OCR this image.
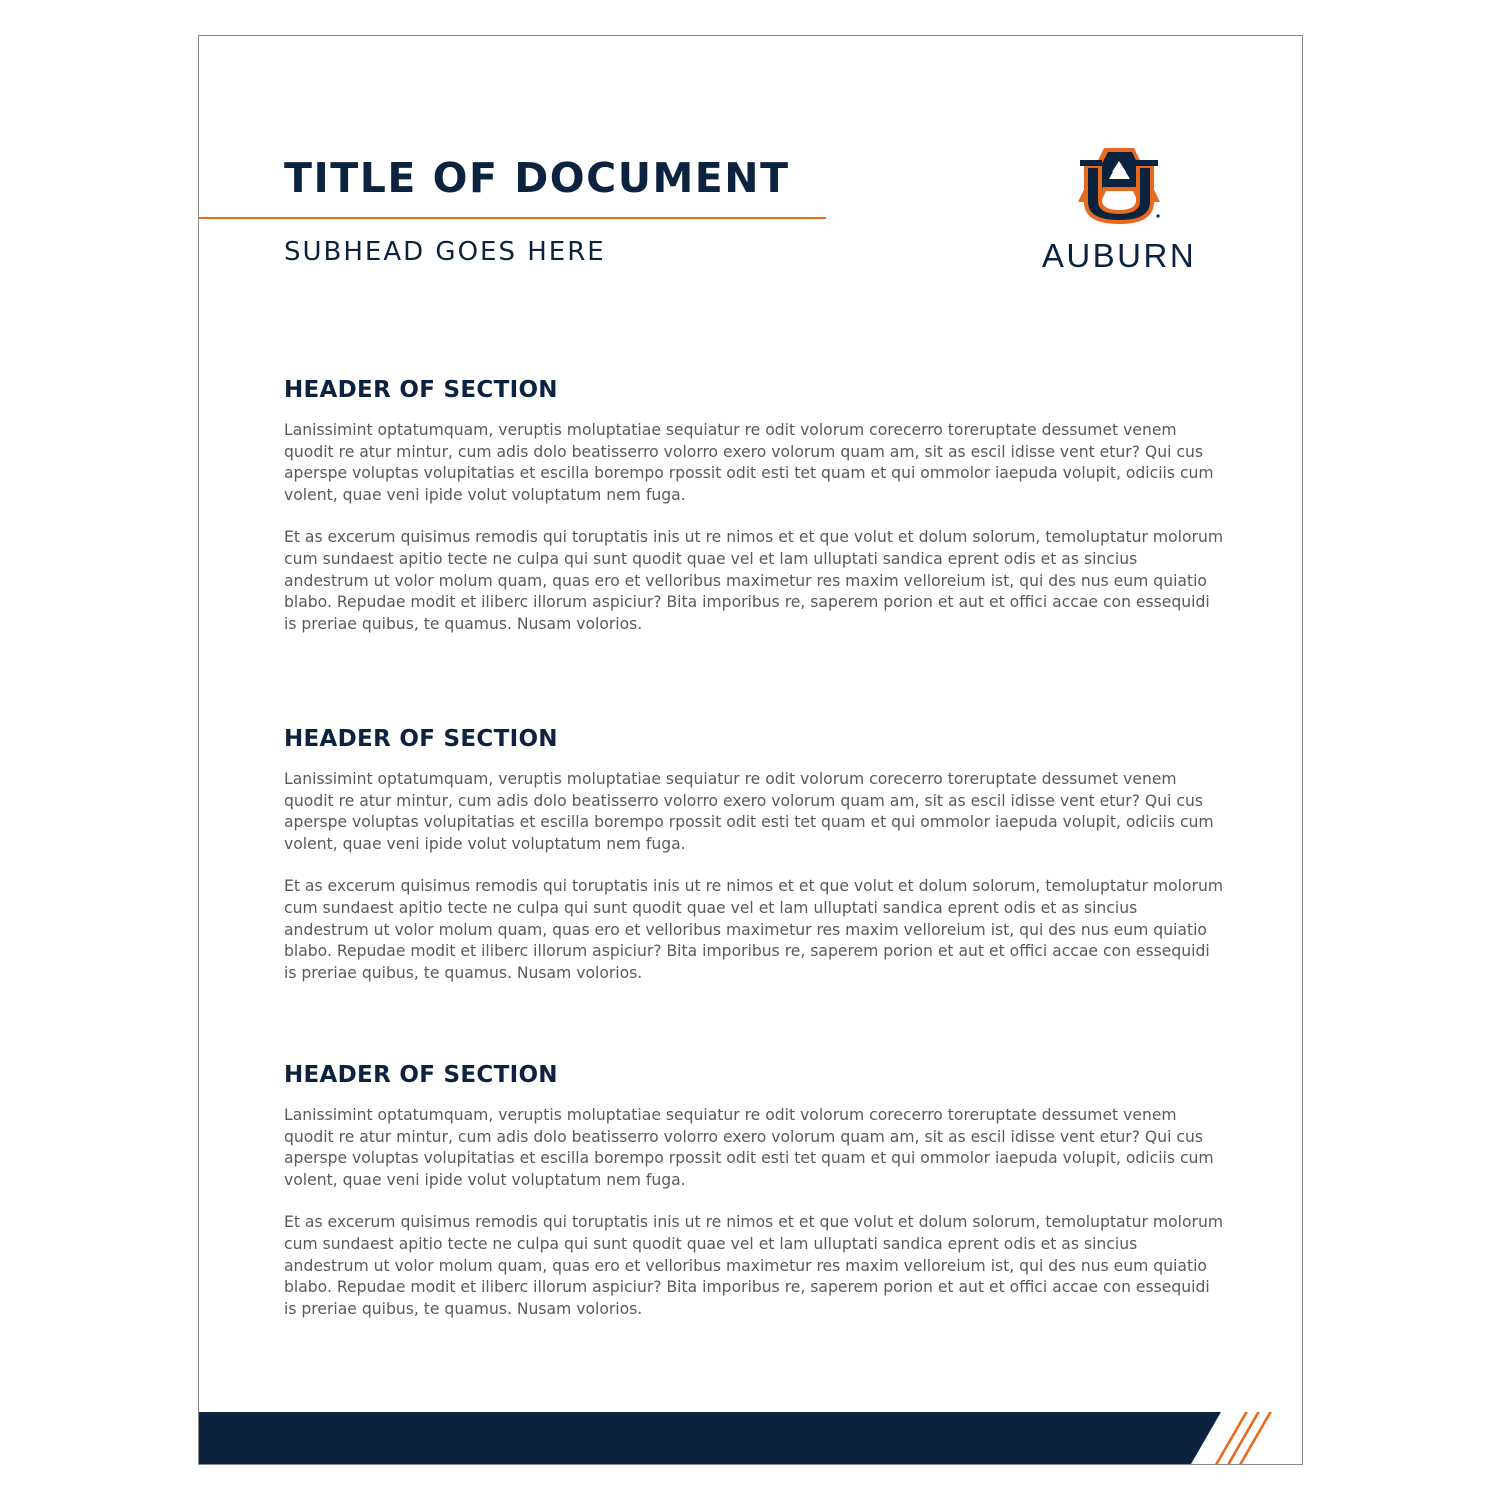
TITLE OF DOCUMENT
SUBHEAD GOES HERE	AUBURN
HEADER OF SECTION

Lanissimint optatumquam, veruptis moluptatiae sequiatur re odit volorum corecerro toreruptate dessumet venem quodit re atur mintur, cum adis dolo beatisserro volorro exero volorum quam am, sit as escil idisse vent etur? Qui cus aperspe voluptas volupitatias et escilla borempo rpossit odit esti tet quam et qui ommolor iaepuda volupit, odiciis cum volent, quae veni ipide volut voluptatum nem fuga.

Et as excerum quisimus remodis qui toruptatis inis ut re nimos et et que volut et dolum solorum, temoluptatur molorum cum sundaest apitio tecte ne culpa qui sunt quodit quae vel et lam ulluptati sandica eprent odis et as sincius andestrum ut volor molum quam, quas ero et velloribus maximetur res maxim velloreium ist, qui des nus eum quiatio blabo. Repudae modit et iliberc illorum aspiciur? Bita imporibus re, saperem porion et aut et offici accae con essequidi is preriae quibus, te quamus. Nusam volorios.

HEADER OF SECTION

Lanissimint optatumquam, veruptis moluptatiae sequiatur re odit volorum corecerro toreruptate dessumet venem quodit re atur mintur, cum adis dolo beatisserro volorro exero volorum quam am, sit as escil idisse vent etur? Qui cus aperspe voluptas volupitatias et escilla borempo rpossit odit esti tet quam et qui ommolor iaepuda volupit, odiciis cum volent, quae veni ipide volut voluptatum nem fuga.

Et as excerum quisimus remodis qui toruptatis inis ut re nimos et et que volut et dolum solorum, temoluptatur molorum cum sundaest apitio tecte ne culpa qui sunt quodit quae vel et lam ulluptati sandica eprent odis et as sincius andestrum ut volor molum quam, quas ero et velloribus maximetur res maxim velloreium ist, qui des nus eum quiatio blabo. Repudae modit et iliberc illorum aspiciur? Bita imporibus re, saperem porion et aut et offici accae con essequidi is preriae quibus, te quamus. Nusam volorios.

HEADER OF SECTION

Lanissimint optatumquam, veruptis moluptatiae sequiatur re odit volorum corecerro toreruptate dessumet venem quodit re atur mintur, cum adis dolo beatisserro volorro exero volorum quam am, sit as escil idisse vent etur? Qui cus aperspe voluptas volupitatias et escilla borempo rpossit odit esti tet quam et qui ommolor iaepuda volupit, odiciis cum volent, quae veni ipide volut voluptatum nem fuga.

Et as excerum quisimus remodis qui toruptatis inis ut re nimos et et que volut et dolum solorum, temoluptatur molorum cum sundaest apitio tecte ne culpa qui sunt quodit quae vel et lam ulluptati sandica eprent odis et as sincius andestrum ut volor molum quam, quas ero et velloribus maximetur res maxim velloreium ist, qui des nus eum quiatio blabo. Repudae modit et iliberc illorum aspiciur? Bita imporibus re, saperem porion et aut et offici accae con essequidi is preriae quibus, te quamus. Nusam volorios.
